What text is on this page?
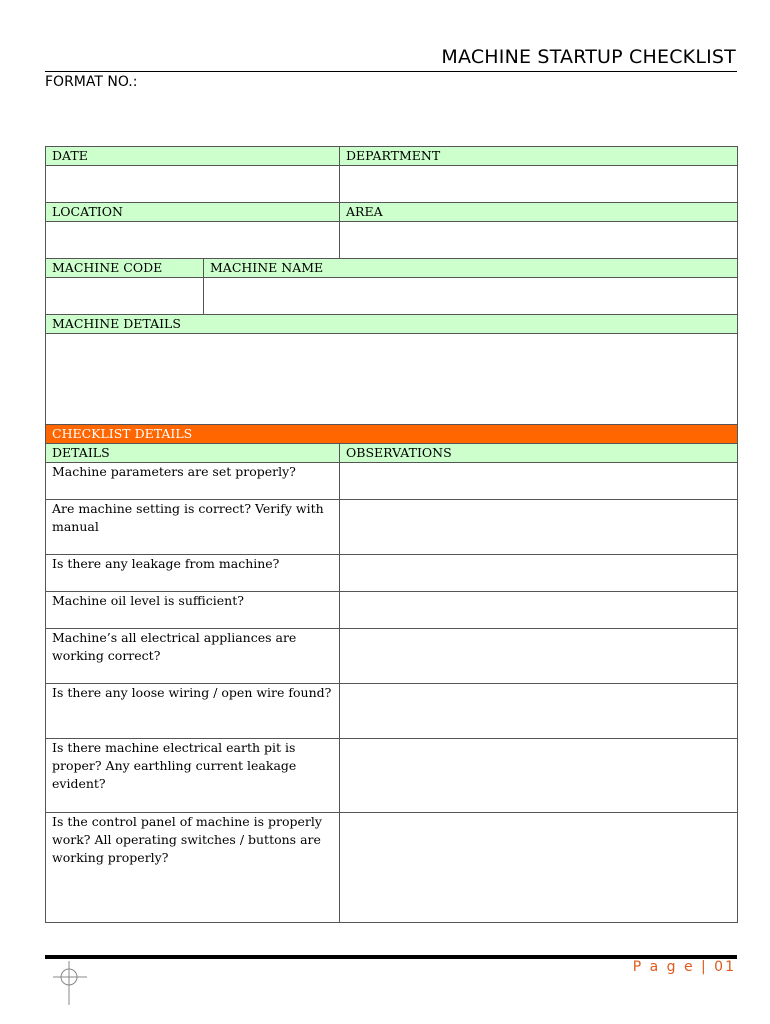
MACHINE STARTUP CHECKLIST
FORMAT NO.:
DATE		DEPARTMENT

LOCATION		AREA

MACHINE CODE	MACHINE NAME	

MACHINE DETAILS		

CHECKLIST DETAILS		
DETAILS		OBSERVATIONS
Machine parameters are set properly?		
Are machine setting is correct? Verify with manual		
Is there any leakage from machine?		
Machine oil level is sufficient?		
Machine’s all electrical appliances are working correct?		
Is there any loose wiring / open wire found?		
Is there machine electrical earth pit is proper? Any earthling current leakage evident?		
Is the control panel of machine is properly work? All operating switches / buttons are working properly?		
P a g e | 01
